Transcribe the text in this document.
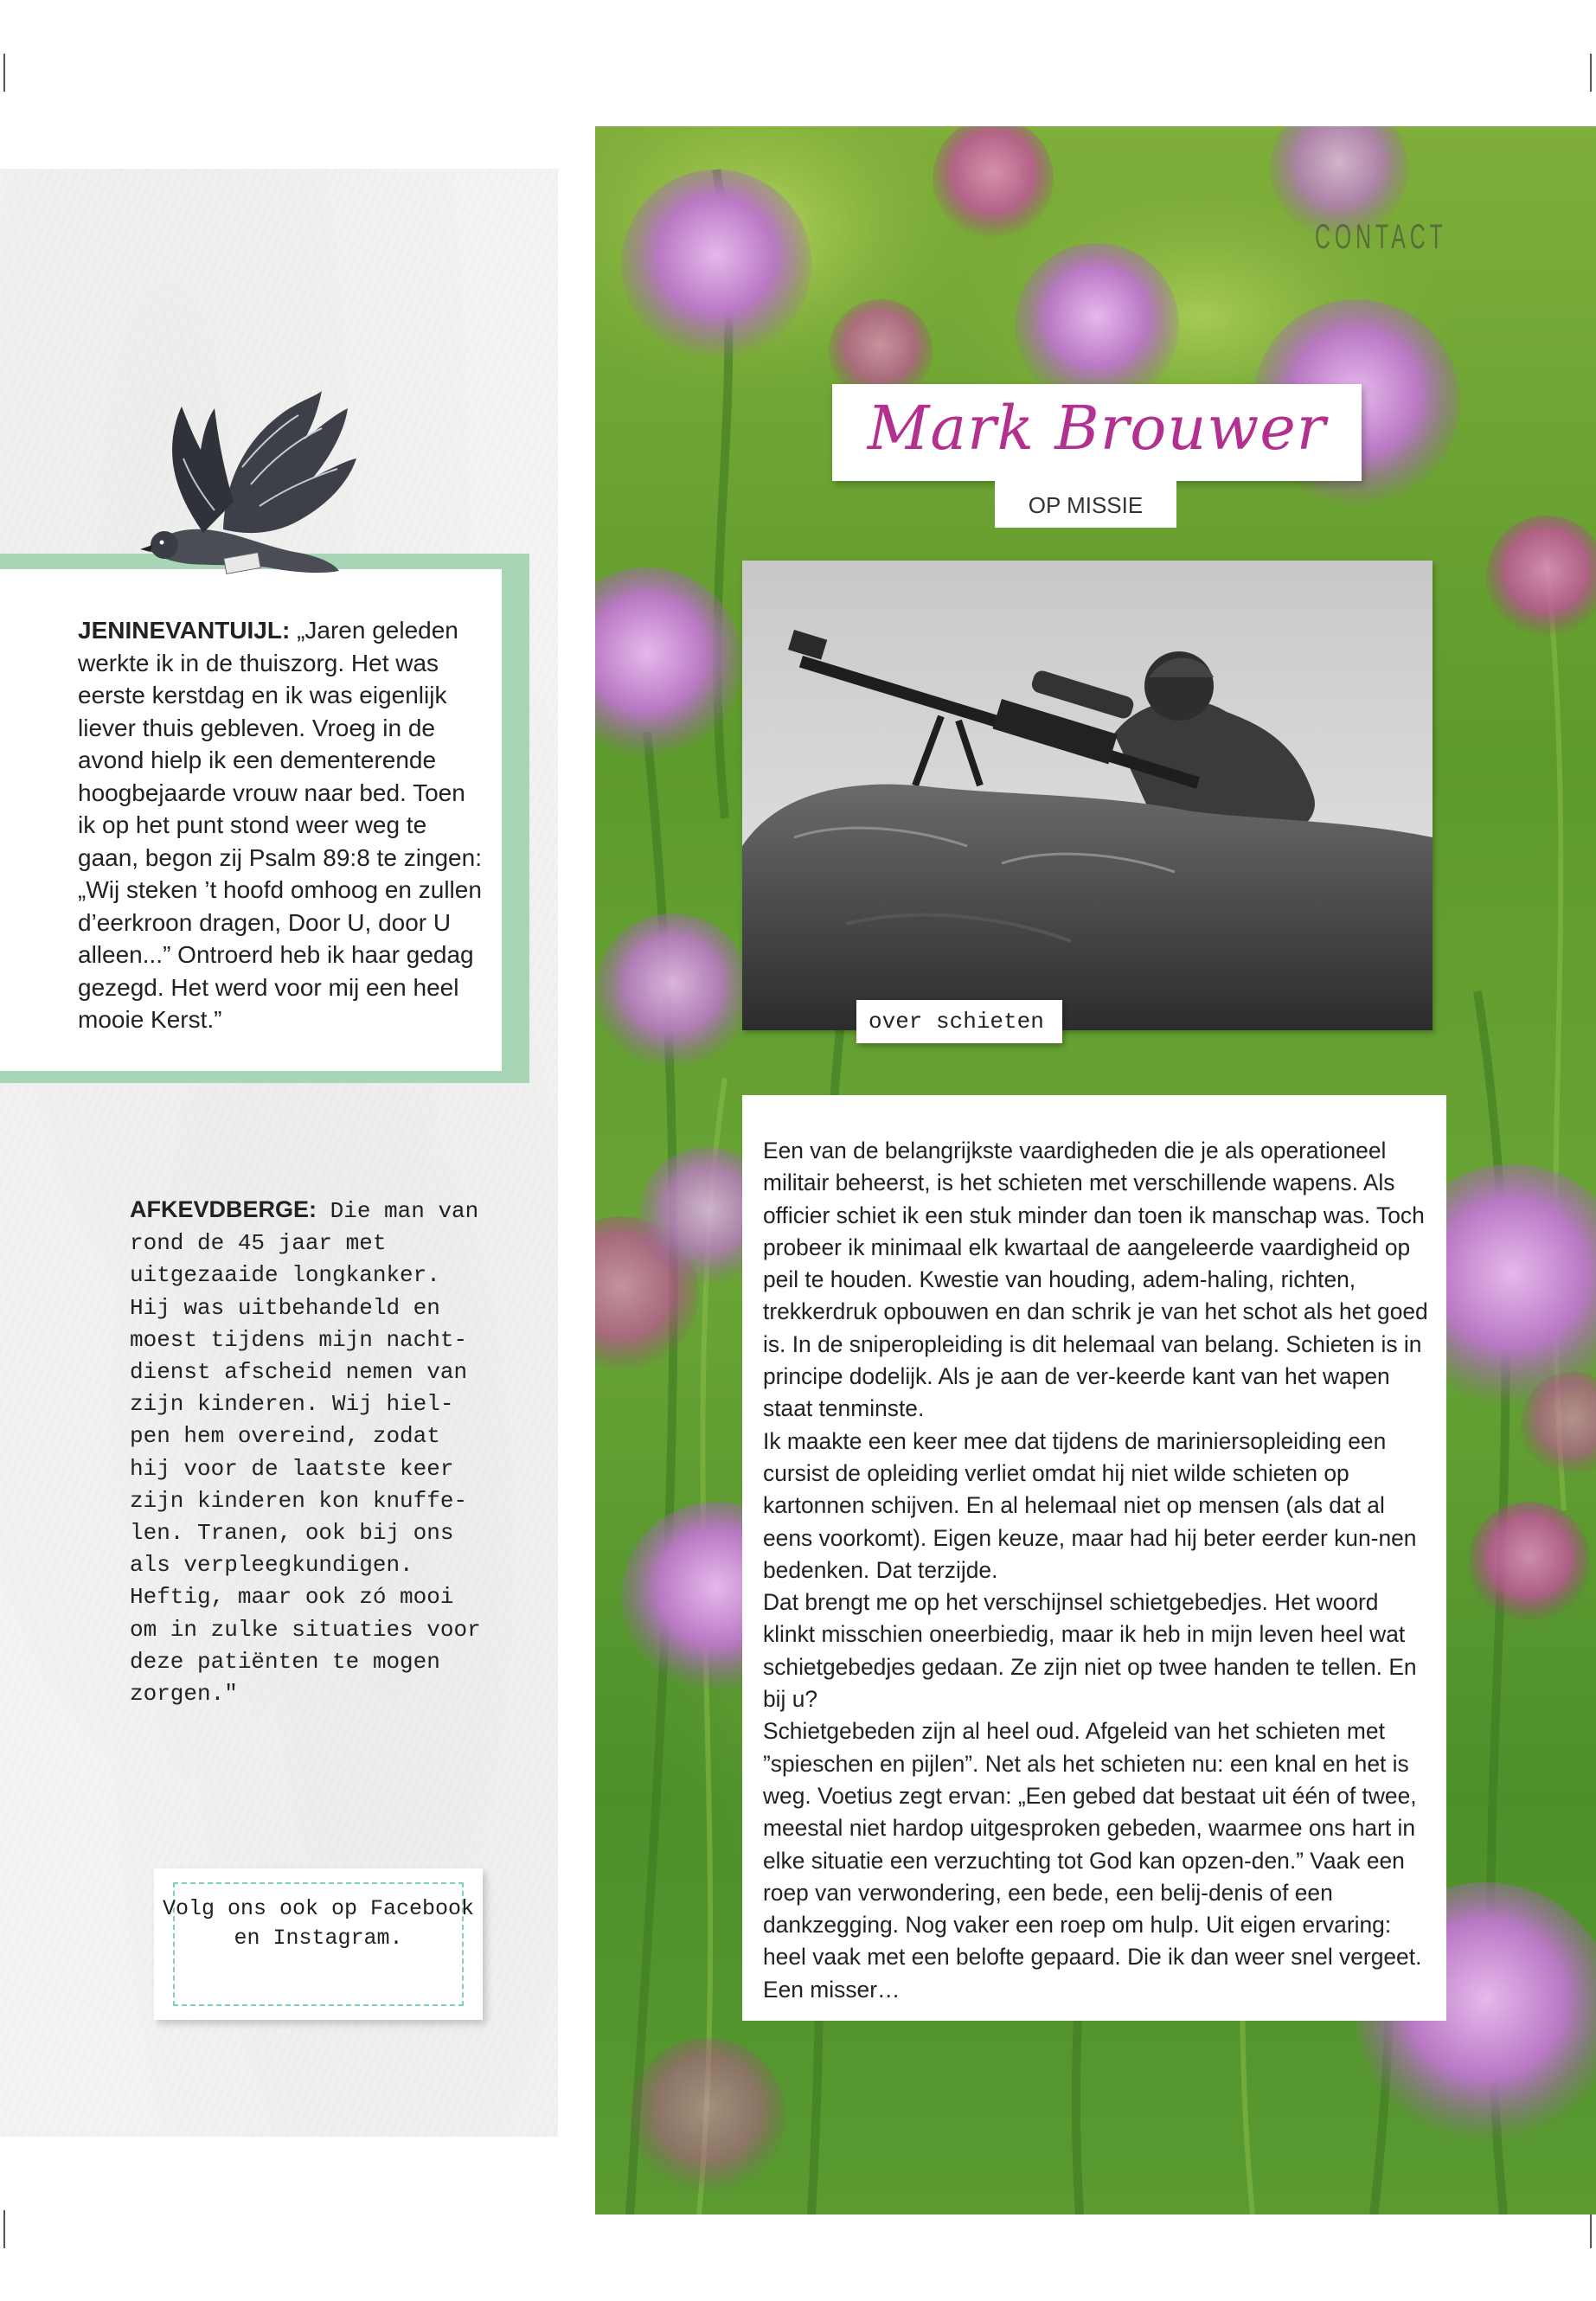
JENINEVANTUIJL: „Jaren geleden werkte ik in de thuiszorg. Het was eerste kerstdag en ik was eigenlijk liever thuis gebleven. Vroeg in de avond hielp ik een dementerende hoogbejaarde vrouw naar bed. Toen ik op het punt stond weer weg te gaan, begon zij Psalm 89:8 te zingen: „Wij steken ’t hoofd omhoog en zullen d’eerkroon dragen, Door U, door U alleen...” Ontroerd heb ik haar gedag gezegd. Het werd voor mij een heel mooie Kerst.”
AFKEVDBERGE: Die man van rond de 45 jaar met uitgezaaide longkanker. Hij was uitbehandeld en moest tijdens mijn nacht-dienst afscheid nemen van zijn kinderen. Wij hiel-pen hem overeind, zodat hij voor de laatste keer zijn kinderen kon knuffe-len. Tranen, ook bij ons als verpleegkundigen. Heftig, maar ook zó mooi om in zulke situaties voor deze patiënten te mogen zorgen."
Volg ons ook op Facebook en Instagram.
CONTACT
Mark Brouwer
OP MISSIE
over schieten

Een van de belangrijkste vaardigheden die je als operationeel militair beheerst, is het schieten met verschillende wapens. Als officier schiet ik een stuk minder dan toen ik manschap was. Toch probeer ik minimaal elk kwartaal de aangeleerde vaardigheid op peil te houden. Kwestie van houding, adem-haling, richten, trekkerdruk opbouwen en dan schrik je van het schot als het goed is. In de sniperopleiding is dit helemaal van belang. Schieten is in principe dodelijk. Als je aan de ver-keerde kant van het wapen staat tenminste.

Ik maakte een keer mee dat tijdens de mariniersopleiding een cursist de opleiding verliet omdat hij niet wilde schieten op kartonnen schijven. En al helemaal niet op mensen (als dat al eens voorkomt). Eigen keuze, maar had hij beter eerder kun-nen bedenken. Dat terzijde.

Dat brengt me op het verschijnsel schietgebedjes. Het woord klinkt misschien oneerbiedig, maar ik heb in mijn leven heel wat schietgebedjes gedaan. Ze zijn niet op twee handen te tellen. En bij u?

Schietgebeden zijn al heel oud. Afgeleid van het schieten met ”spieschen en pijlen”. Net als het schieten nu: een knal en het is weg. Voetius zegt ervan: „Een gebed dat bestaat uit één of twee, meestal niet hardop uitgesproken gebeden, waarmee ons hart in elke situatie een verzuchting tot God kan opzen-den.” Vaak een roep van verwondering, een bede, een belij-denis of een dankzegging. Nog vaker een roep om hulp. Uit eigen ervaring: heel vaak met een belofte gepaard. Die ik dan weer snel vergeet. Een misser…
